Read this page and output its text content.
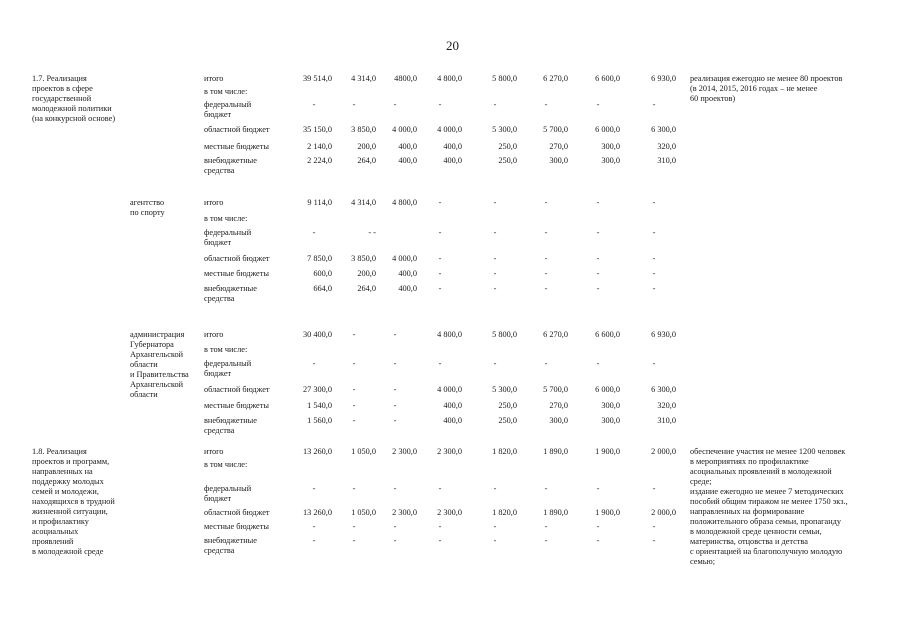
20
1.7. Реализация
проектов в сфере
государственной
молодежной политики
(на конкурсной основе)
реализация ежегодно не менее 80 проектов
(в 2014, 2015, 2016 годах – не менее
60 проектов)
итого	39 514,0	4 314,0	4800,0	4 800,0	5 800,0	6 270,0	6 600,0	6 930,0
в том числе:
федеральный
бюджет
-	-	-	-	-	-	-	-
областной бюджет	35 150,0	3 850,0	4 000,0	4 000,0	5 300,0	5 700,0	6 000,0	6 300,0
местные бюджеты	2 140,0	200,0	400,0	400,0	250,0	270,0	300,0	320,0
внебюджетные
средства
2 224,0	264,0	400,0	400,0	250,0	300,0	300,0	310,0
агентство
по спорту
итого	9 114,0	4 314,0	4 800,0	-	-	-	-	-
в том числе:
федеральный
бюджет
-	- -	-	-	-	-	-
областной бюджет	7 850,0	3 850,0	4 000,0	-	-	-	-	-
местные бюджеты	600,0	200,0	400,0	-	-	-	-	-
внебюджетные
средства
664,0	264,0	400,0	-	-	-	-	-
администрация
Губернатора
Архангельской
области
и Правительства
Архангельской
области
итого	30 400,0	-	-	4 800,0	5 800,0	6 270,0	6 600,0	6 930,0
в том числе:
федеральный
бюджет
-	-	-	-	-	-	-	-
областной бюджет	27 300,0	-	-	4 000,0	5 300,0	5 700,0	6 000,0	6 300,0
местные бюджеты	1 540,0	-	-	400,0	250,0	270,0	300,0	320,0
внебюджетные
средства
1 560,0	-	-	400,0	250,0	300,0	300,0	310,0
1.8. Реализация
проектов и программ,
направленных на
поддержку молодых
семей и молодежи,
находящихся в трудной
жизненной ситуации,
и профилактику
асоциальных
проявлений
в молодежной среде
обеспечение участия не менее 1200 человек
в мероприятиях по профилактике
асоциальных проявлений в молодежной
среде;
издание ежегодно не менее 7 методических
пособий общим тиражом не менее 1750 экз.,
направленных на формирование
положительного образа семьи, пропаганду
в молодежной среде ценности семьи,
материнства, отцовства и детства
с ориентацией на благополучную молодую
семью;
итого	13 260,0	1 050,0	2 300,0	2 300,0	1 820,0	1 890,0	1 900,0	2 000,0
в том числе:
федеральный
бюджет
-	-	-	-	-	-	-	-
областной бюджет	13 260,0	1 050,0	2 300,0	2 300,0	1 820,0	1 890,0	1 900,0	2 000,0
местные бюджеты	-	-	-	-	-	-	-	-
внебюджетные
средства
-	-	-	-	-	-	-	-
